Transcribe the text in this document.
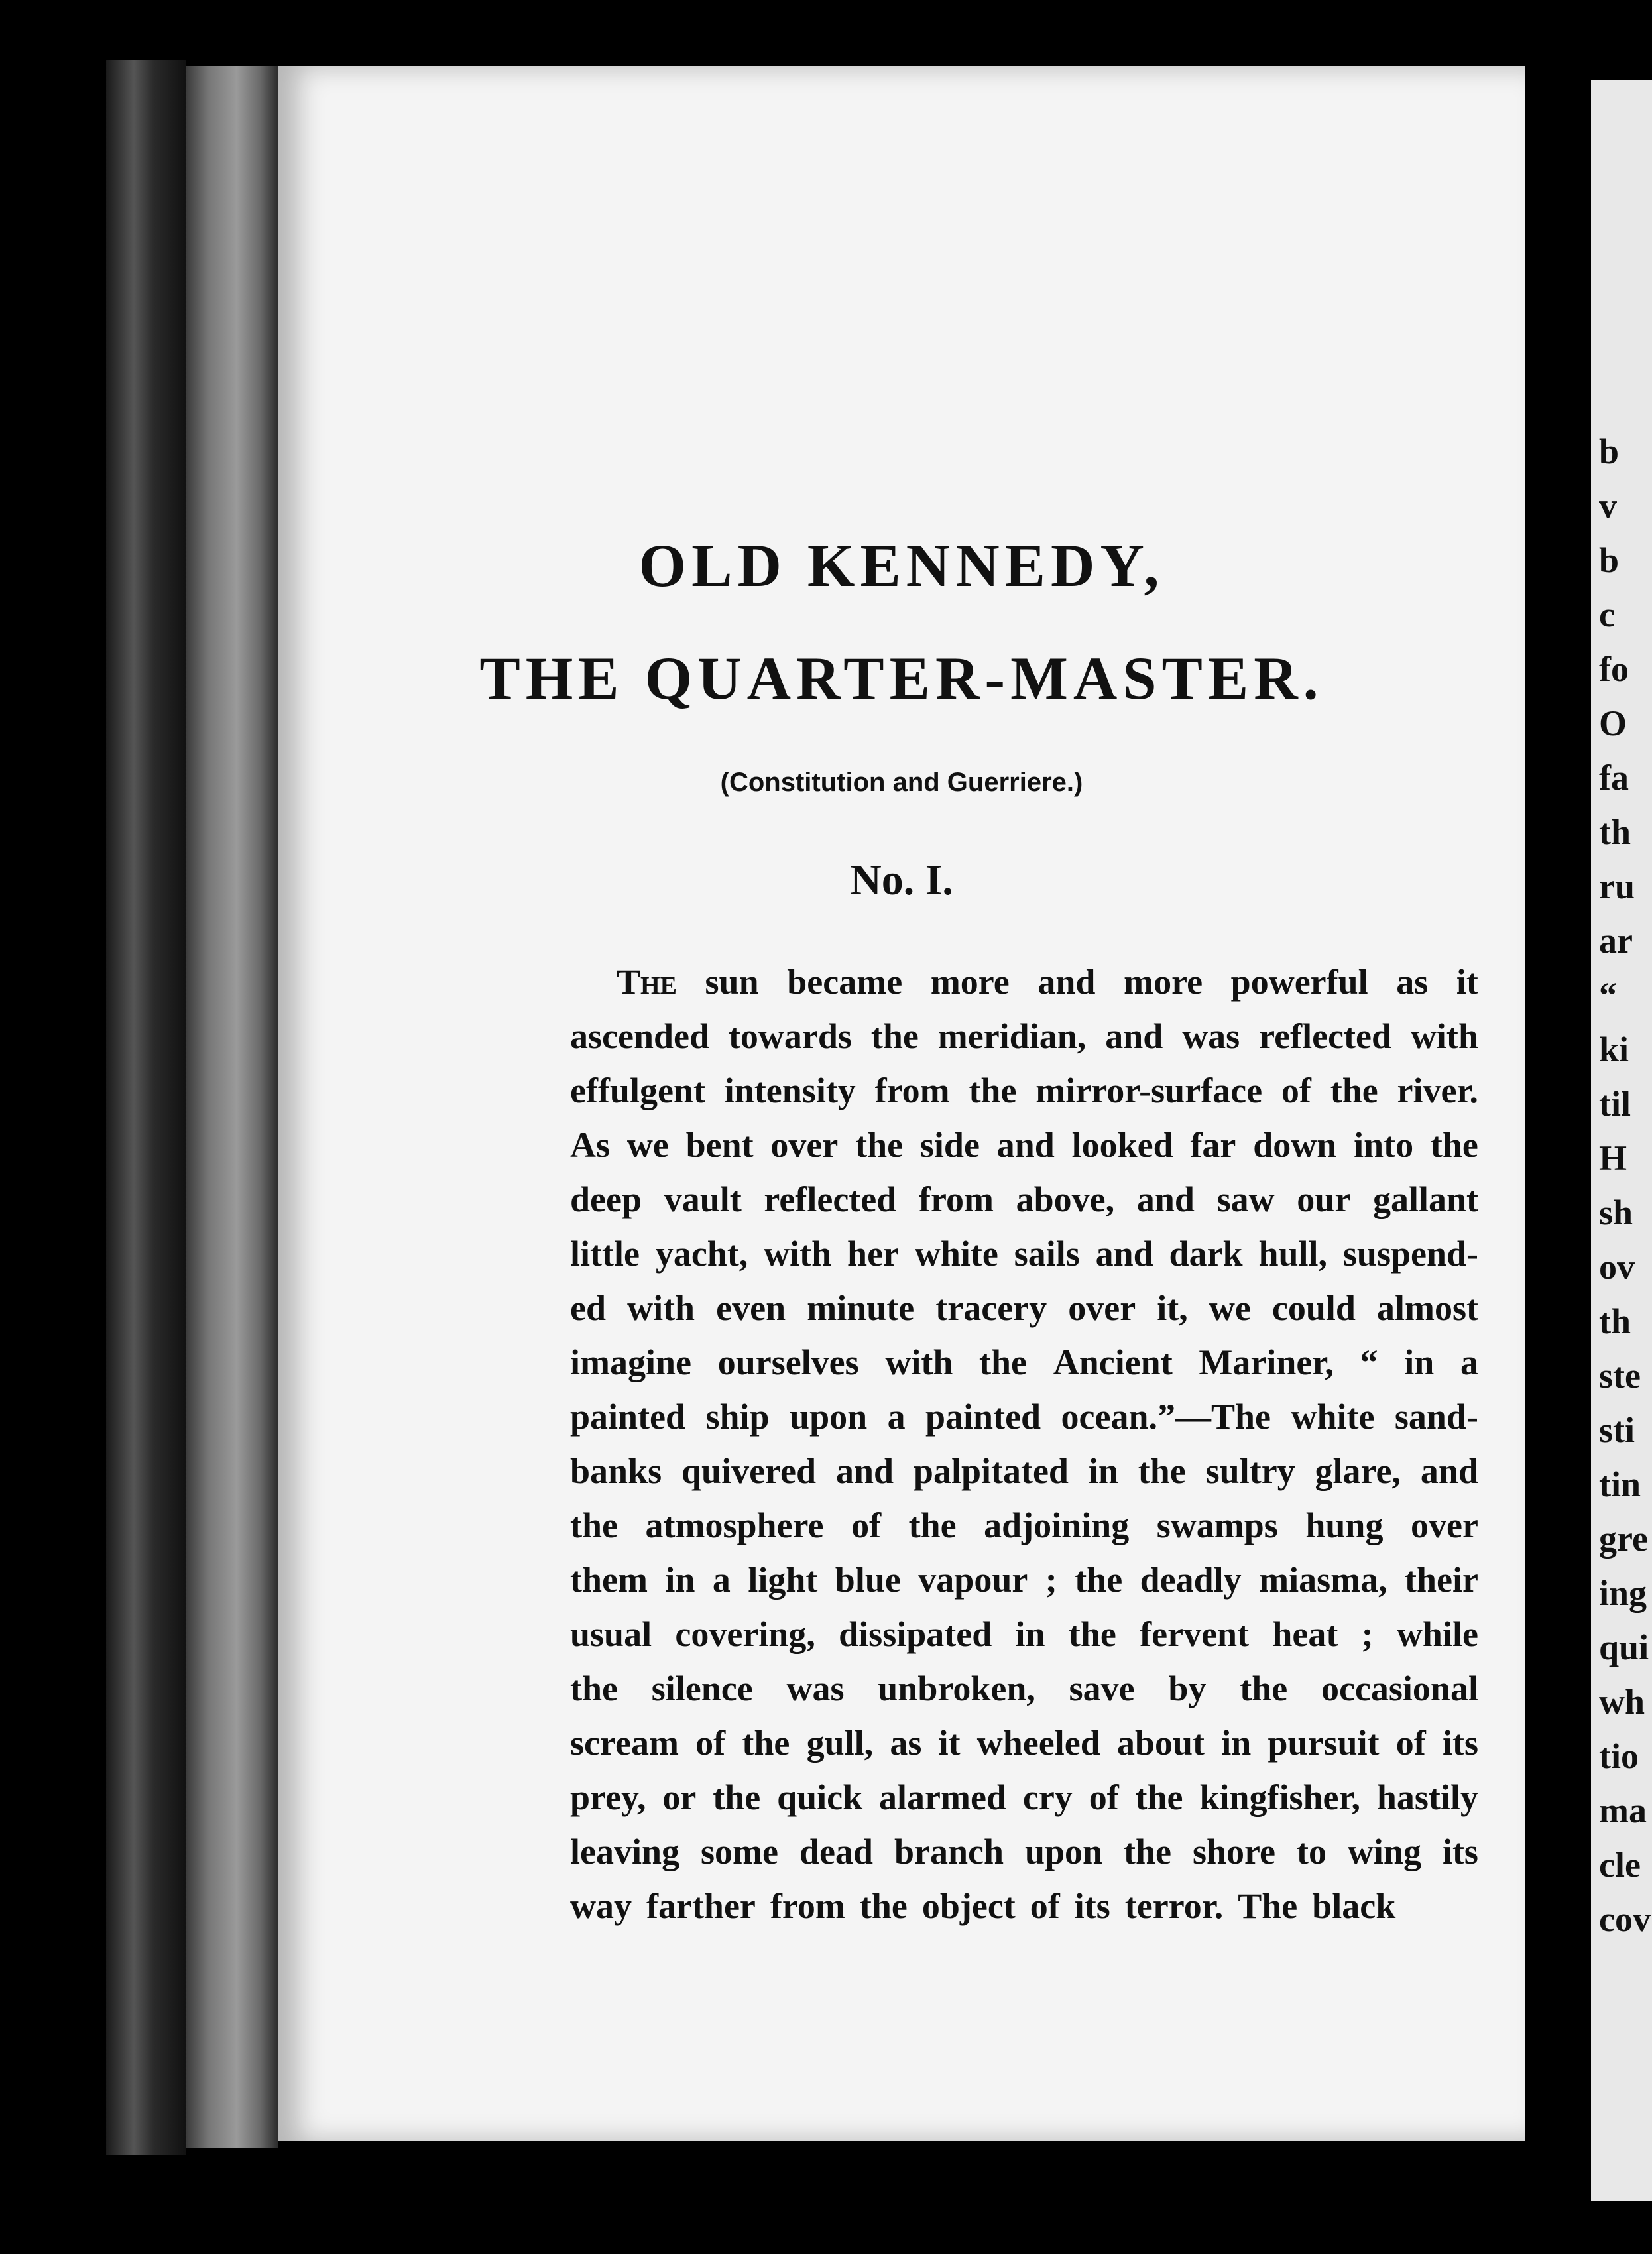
OLD KENNEDY,
THE QUARTER-MASTER.

(Constitution and Guerriere.)

No. I.

The sun became more and more powerful as it
ascended towards the meridian, and was reflected with
effulgent intensity from the mirror-surface of the river.
As we bent over the side and looked far down into the
deep vault reflected from above, and saw our gallant
little yacht, with her white sails and dark hull, suspend-
ed with even minute tracery over it, we could almost
imagine ourselves with the Ancient Mariner, “ in a
painted ship upon a painted ocean.”—The white sand-
banks quivered and palpitated in the sultry glare, and
the atmosphere of the adjoining swamps hung over
them in a light blue vapour ; the deadly miasma, their
usual covering, dissipated in the fervent heat ; while
the silence was unbroken, save by the occasional
scream of the gull, as it wheeled about in pursuit of its
prey, or the quick alarmed cry of the kingfisher, hastily
leaving some dead branch upon the shore to wing its
way farther from the object of its terror. The black
b
v
b
c
fo
O
fa
th
ru
ar
“
ki
til
H
sh
ov
th
ste
sti
tin
gre
ing
qui
wh
tio
ma
cle
cov
